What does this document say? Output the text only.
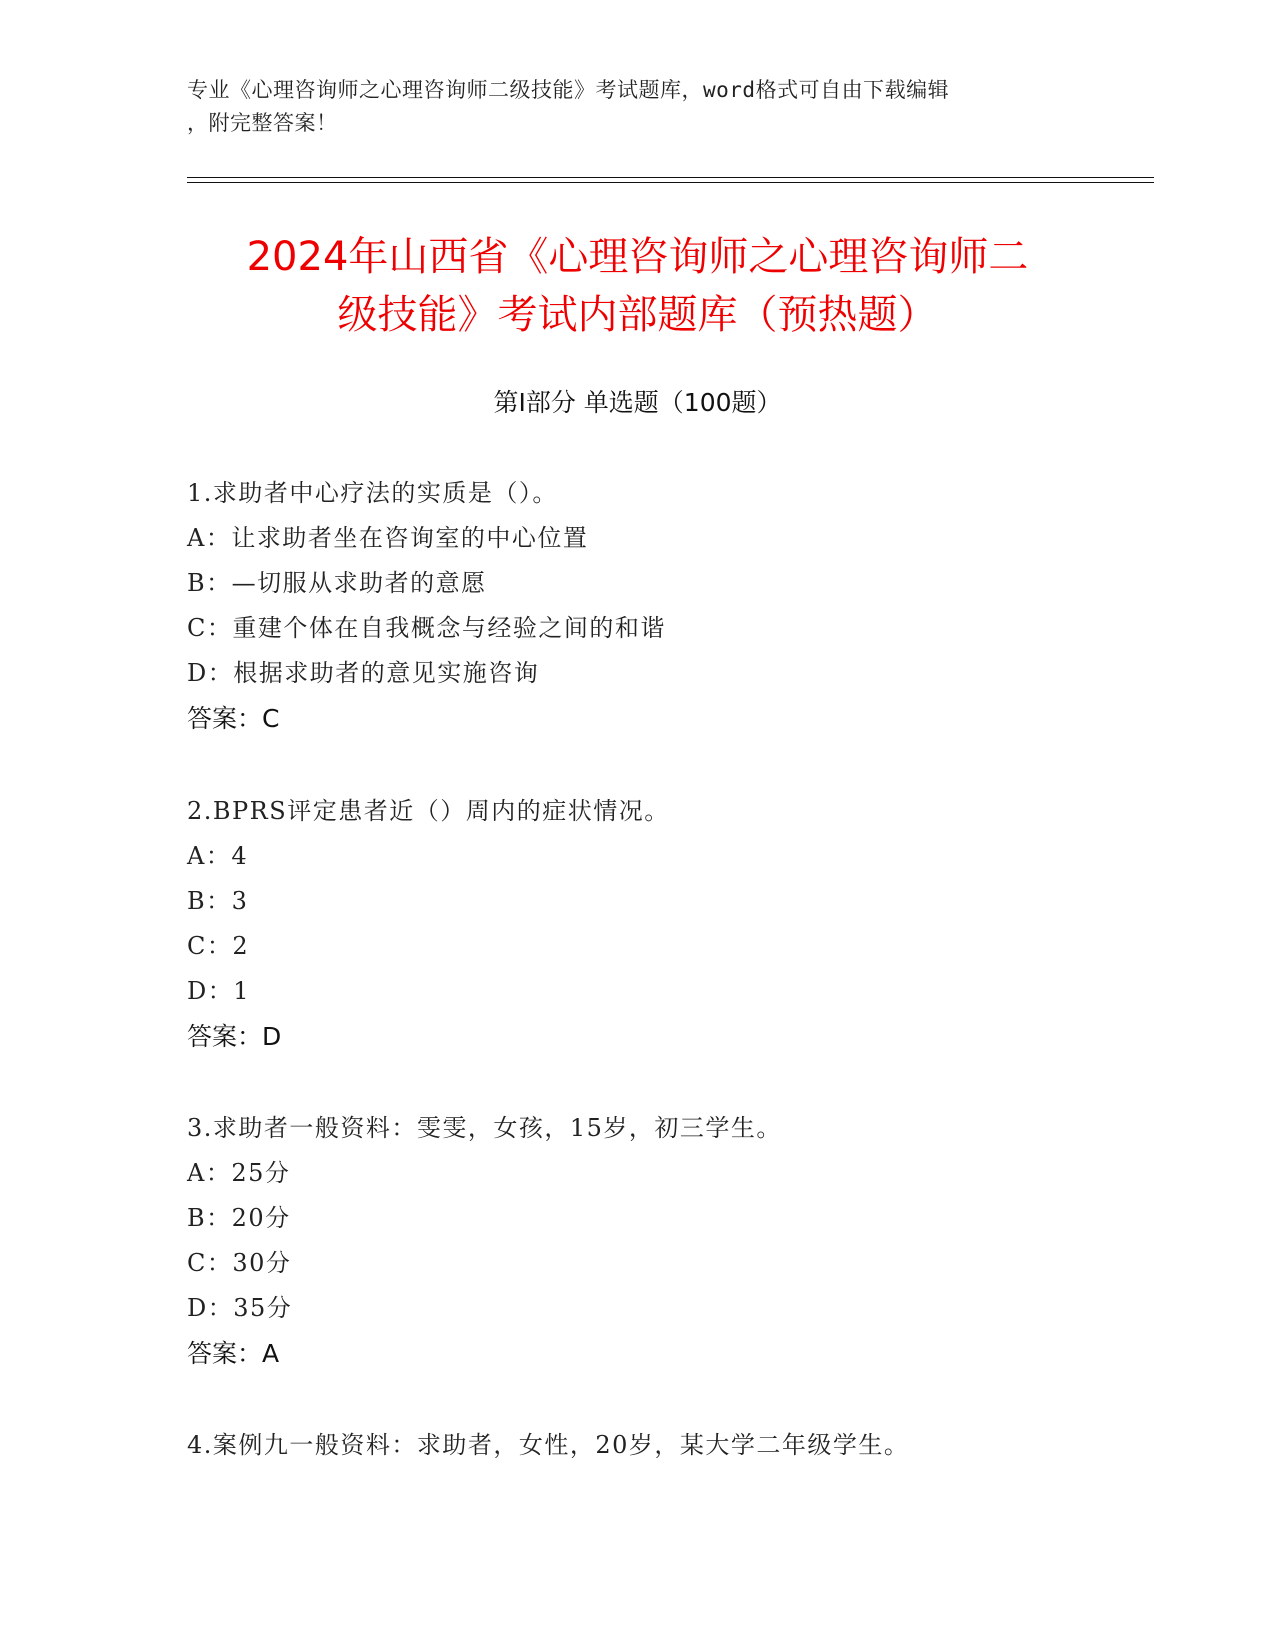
专业《心理咨询师之心理咨询师二级技能》考试题库，word格式可自由下载编辑
，附完整答案！
2024年山西省《心理咨询师之心理咨询师二
级技能》考试内部题库（预热题）
第Ⅰ部分 单选题（100题）
1.求助者中心疗法的实质是（）。
A：让求助者坐在咨询室的中心位置
B：—切服从求助者的意愿
C：重建个体在自我概念与经验之间的和谐
D：根据求助者的意见实施咨询
答案：C
2.BPRS评定患者近（）周内的症状情况。
A：4
B：3
C：2
D：1
答案：D
3.求助者一般资料：雯雯，女孩，15岁，初三学生。
A：25分
B：20分
C：30分
D：35分
答案：A
4.案例九一般资料：求助者，女性，20岁，某大学二年级学生。
